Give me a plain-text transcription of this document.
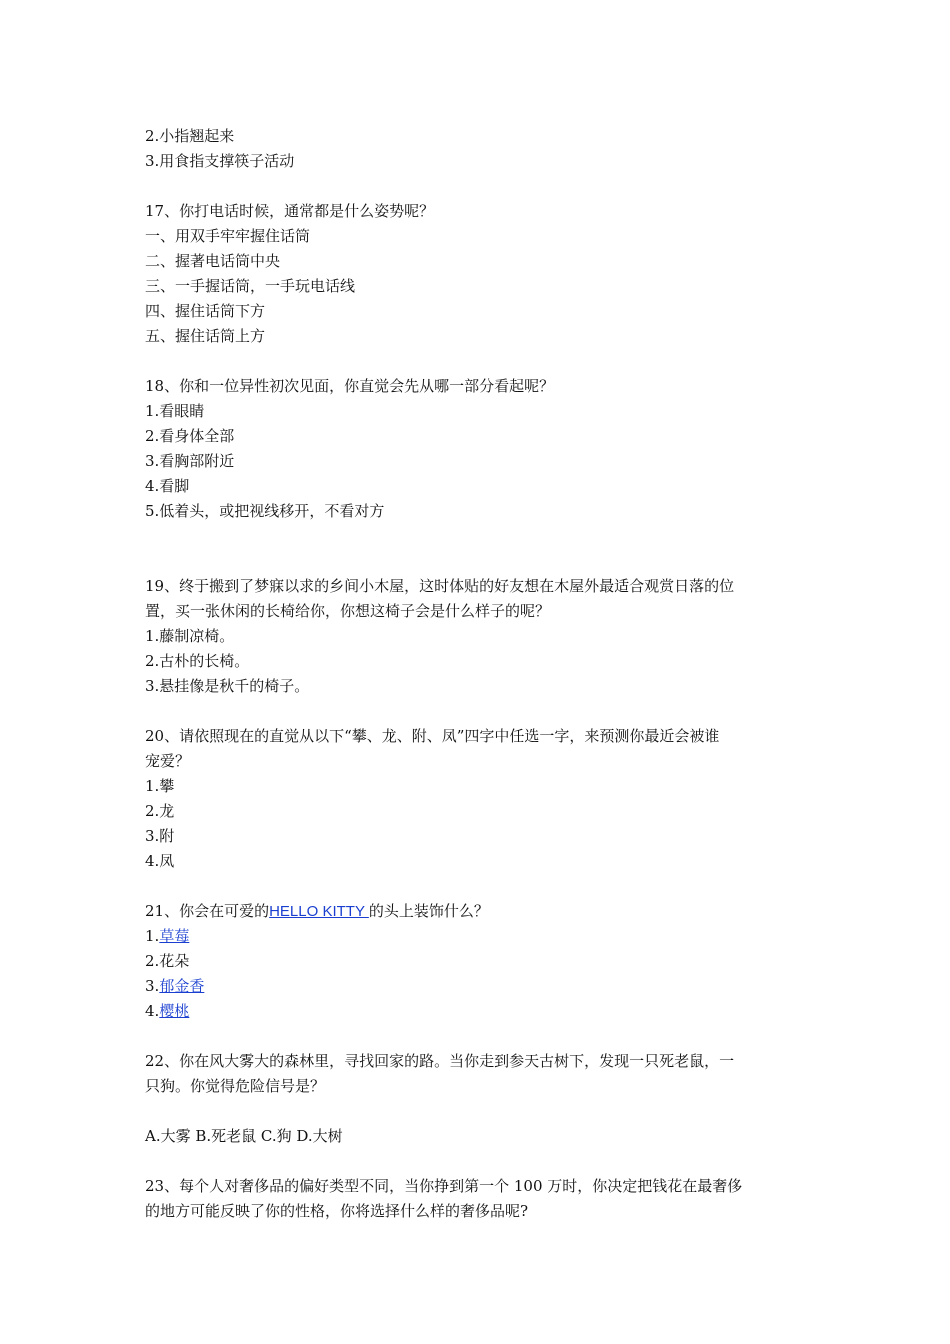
2.小指翘起来
3.用食指支撑筷子活动
17、你打电话时候，通常都是什么姿势呢？
一、用双手牢牢握住话筒
二、握著电话筒中央
三、一手握话筒，一手玩电话线
四、握住话筒下方
五、握住话筒上方
18、你和一位异性初次见面，你直觉会先从哪一部分看起呢？
1.看眼睛
2.看身体全部
3.看胸部附近
4.看脚
5.低着头，或把视线移开，不看对方
19、终于搬到了梦寐以求的乡间小木屋，这时体贴的好友想在木屋外最适合观赏日落的位
置，买一张休闲的长椅给你，你想这椅子会是什么样子的呢？
1.藤制凉椅。
2.古朴的长椅。
3.悬挂像是秋千的椅子。
20、请依照现在的直觉从以下“攀、龙、附、凤”四字中任选一字，来预测你最近会被谁
宠爱？
1.攀
2.龙
3.附
4.凤
21、你会在可爱的HELLO KITTY 的头上装饰什么？
1.草莓
2.花朵
3.郁金香
4.樱桃
22、你在风大雾大的森林里，寻找回家的路。当你走到参天古树下，发现一只死老鼠，一
只狗。你觉得危险信号是？
A.大雾 B.死老鼠 C.狗 D.大树
23、每个人对奢侈品的偏好类型不同，当你挣到第一个 100 万时，你决定把钱花在最奢侈
的地方可能反映了你的性格，你将选择什么样的奢侈品呢?
